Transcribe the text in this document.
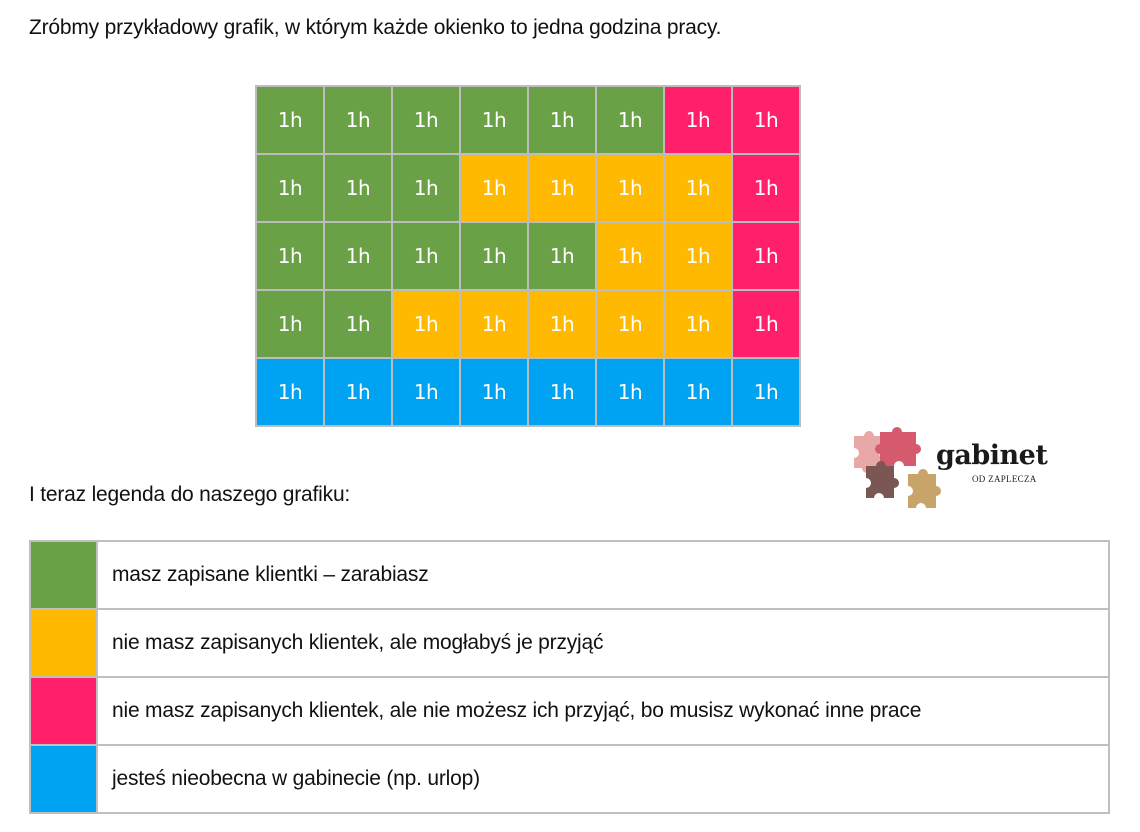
Zróbmy przykładowy grafik, w którym każde okienko to jedna godzina pracy.
1h	1h	1h	1h	1h	1h	1h	1h
1h	1h	1h	1h	1h	1h	1h	1h
1h	1h	1h	1h	1h	1h	1h	1h
1h	1h	1h	1h	1h	1h	1h	1h
1h	1h	1h	1h	1h	1h	1h	1h
gabinet
OD ZAPLECZA
I teraz legenda do naszego grafiku:
masz zapisane klientki – zarabiasz
nie masz zapisanych klientek, ale mogłabyś je przyjąć
nie masz zapisanych klientek, ale nie możesz ich przyjąć, bo musisz wykonać inne prace
jesteś nieobecna w gabinecie (np. urlop)
